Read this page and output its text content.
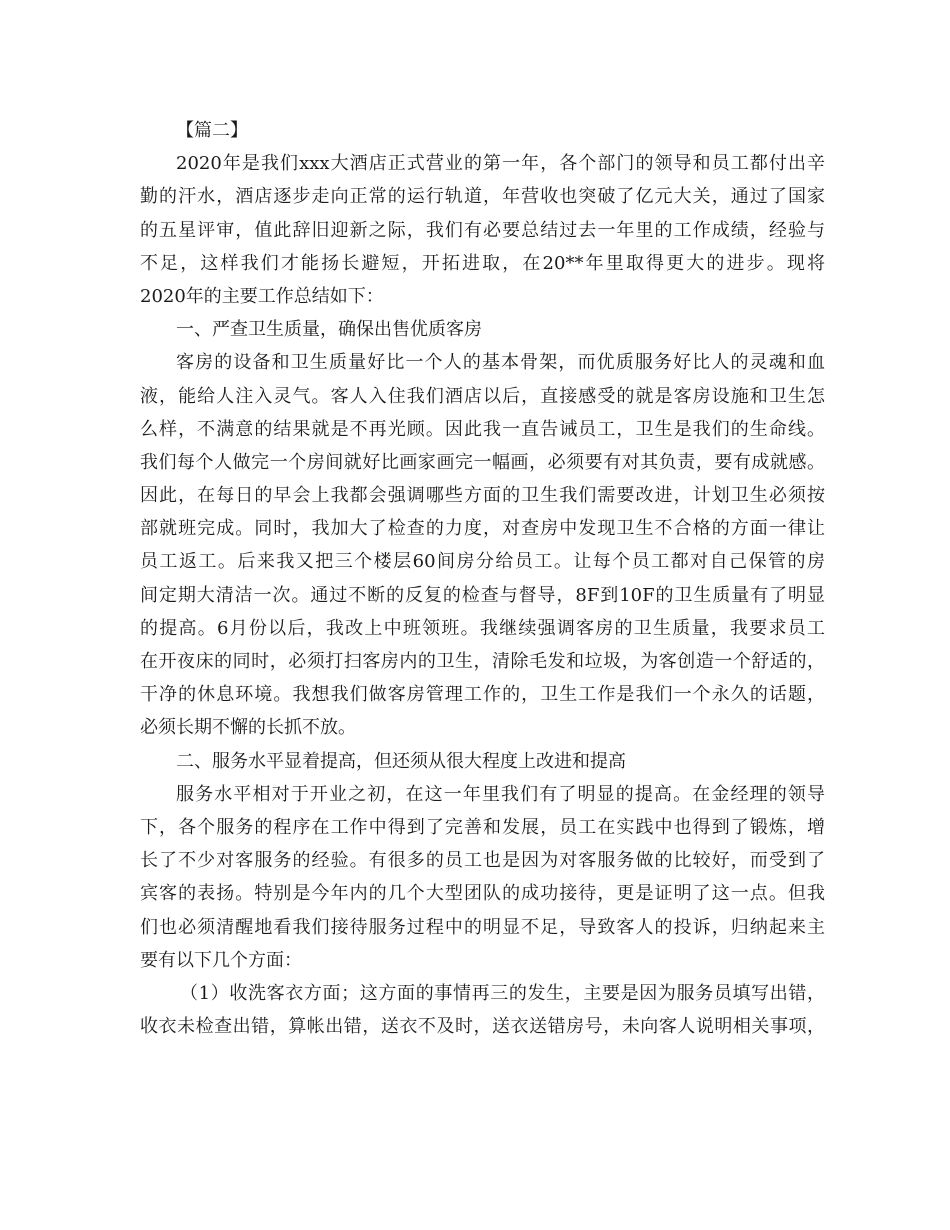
【篇二】
2020年是我们xxx大酒店正式营业的第一年，各个部门的领导和员工都付出辛
勤的汗水，酒店逐步走向正常的运行轨道，年营收也突破了亿元大关，通过了国家
的五星评审，值此辞旧迎新之际，我们有必要总结过去一年里的工作成绩，经验与
不足，这样我们才能扬长避短，开拓进取，在20**年里取得更大的进步。现将
2020年的主要工作总结如下：
一、严查卫生质量，确保出售优质客房
客房的设备和卫生质量好比一个人的基本骨架，而优质服务好比人的灵魂和血
液，能给人注入灵气。客人入住我们酒店以后，直接感受的就是客房设施和卫生怎
么样，不满意的结果就是不再光顾。因此我一直告诫员工，卫生是我们的生命线。
我们每个人做完一个房间就好比画家画完一幅画，必须要有对其负责，要有成就感。
因此，在每日的早会上我都会强调哪些方面的卫生我们需要改进，计划卫生必须按
部就班完成。同时，我加大了检查的力度，对查房中发现卫生不合格的方面一律让
员工返工。后来我又把三个楼层60间房分给员工。让每个员工都对自己保管的房
间定期大清洁一次。通过不断的反复的检查与督导，8F到10F的卫生质量有了明显
的提高。6月份以后，我改上中班领班。我继续强调客房的卫生质量，我要求员工
在开夜床的同时，必须打扫客房内的卫生，清除毛发和垃圾，为客创造一个舒适的，
干净的休息环境。我想我们做客房管理工作的，卫生工作是我们一个永久的话题，
必须长期不懈的长抓不放。
二、服务水平显着提高，但还须从很大程度上改进和提高
服务水平相对于开业之初，在这一年里我们有了明显的提高。在金经理的领导
下，各个服务的程序在工作中得到了完善和发展，员工在实践中也得到了锻炼，增
长了不少对客服务的经验。有很多的员工也是因为对客服务做的比较好，而受到了
宾客的表扬。特别是今年内的几个大型团队的成功接待，更是证明了这一点。但我
们也必须清醒地看我们接待服务过程中的明显不足，导致客人的投诉，归纳起来主
要有以下几个方面：
（1）收洗客衣方面；这方面的事情再三的发生，主要是因为服务员填写出错，
收衣未检查出错，算帐出错，送衣不及时，送衣送错房号，未向客人说明相关事项，
